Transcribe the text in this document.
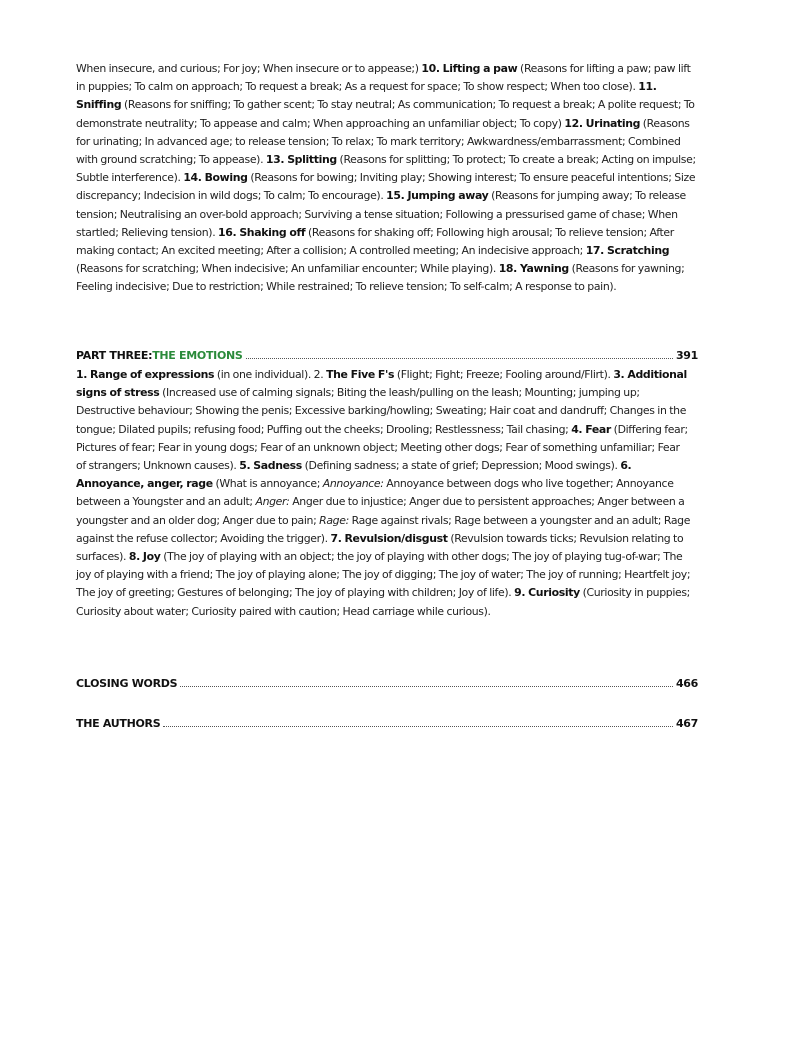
When insecure, and curious; For joy; When insecure or to appease;) 10. Lifting a paw (Reasons for lifting a paw; paw lift in puppies; To calm on approach; To request a break; As a request for space; To show respect; When too close). 11. Sniffing (Reasons for sniffing; To gather scent; To stay neutral; As communication; To request a break; A polite request; To demonstrate neutrality; To appease and calm; When approaching an unfamiliar object; To copy) 12. Urinating (Reasons for urinating; In advanced age; to release tension; To relax; To mark territory; Awkwardness/embarrassment; Combined with ground scratching; To appease). 13. Splitting (Reasons for splitting; To protect; To create a break; Acting on impulse; Subtle interference). 14. Bowing (Reasons for bowing; Inviting play; Showing interest; To ensure peaceful intentions; Size discrepancy; Indecision in wild dogs; To calm; To encourage). 15. Jumping away (Reasons for jumping away; To release tension; Neutralising an over-bold approach; Surviving a tense situation; Following a pressurised game of chase; When startled; Relieving tension). 16. Shaking off (Reasons for shaking off; Following high arousal; To relieve tension; After making contact; An excited meeting; After a collision; A controlled meeting; An indecisive approach; 17. Scratching (Reasons for scratching; When indecisive; An unfamiliar encounter; While playing). 18. Yawning (Reasons for yawning; Feeling indecisive; Due to restriction; While restrained; To relieve tension; To self-calm; A response to pain).

PART THREE: THE EMOTIONS	391

1. Range of expressions (in one individual). 2. The Five F's (Flight; Fight; Freeze; Fooling around/Flirt). 3. Additional signs of stress (Increased use of calming signals; Biting the leash/pulling on the leash; Mounting; jumping up; Destructive behaviour; Showing the penis; Excessive barking/howling; Sweating; Hair coat and dandruff; Changes in the tongue; Dilated pupils; refusing food; Puffing out the cheeks; Drooling; Restlessness; Tail chasing; 4. Fear (Differing fear; Pictures of fear; Fear in young dogs; Fear of an unknown object; Meeting other dogs; Fear of something unfamiliar; Fear of strangers; Unknown causes). 5. Sadness (Defining sadness; a state of grief; Depression; Mood swings). 6. Annoyance, anger, rage (What is annoyance; Annoyance: Annoyance between dogs who live together; Annoyance between a Youngster and an adult; Anger: Anger due to injustice; Anger due to persistent approaches; Anger between a youngster and an older dog; Anger due to pain; Rage: Rage against rivals; Rage between a youngster and an adult; Rage against the refuse collector; Avoiding the trigger). 7. Revulsion/disgust (Revulsion towards ticks; Revulsion relating to surfaces). 8. Joy (The joy of playing with an object; the joy of playing with other dogs; The joy of playing tug-of-war; The joy of playing with a friend; The joy of playing alone; The joy of digging; The joy of water; The joy of running; Heartfelt joy; The joy of greeting; Gestures of belonging; The joy of playing with children; Joy of life). 9. Curiosity (Curiosity in puppies; Curiosity about water; Curiosity paired with caution; Head carriage while curious).

CLOSING WORDS	466
THE AUTHORS	467
